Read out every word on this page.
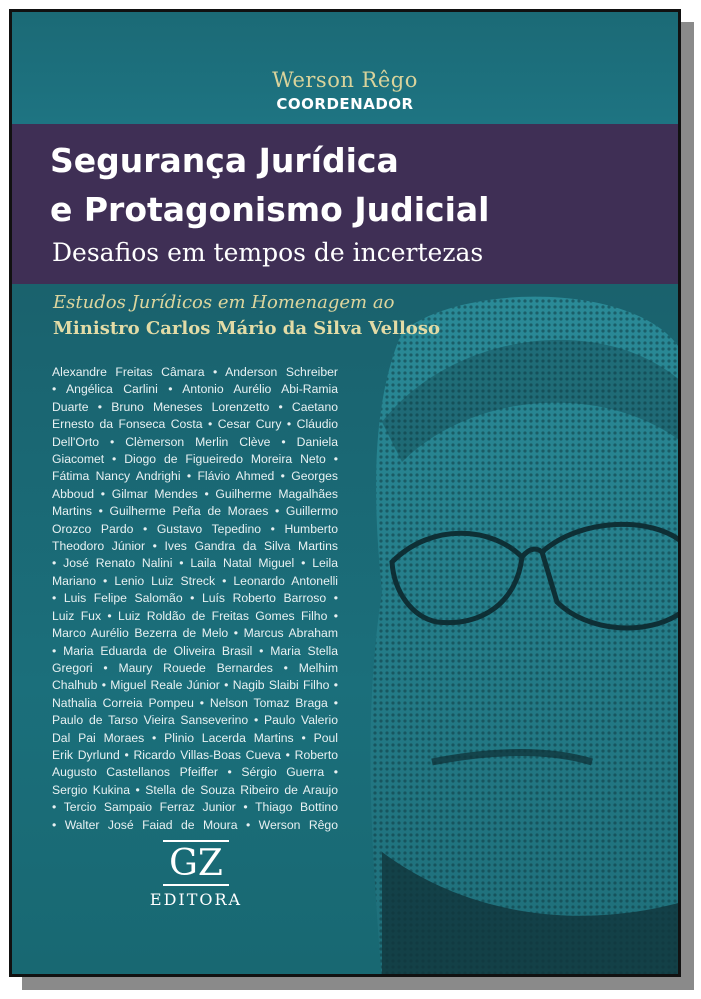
Werson Rêgo

COORDENADOR

Segurança Jurídica
e Protagonismo Judicial

Desafios em tempos de incertezas

Estudos Jurídicos em Homenagem ao

Ministro Carlos Mário da Silva Velloso

Alexandre Freitas Câmara • Anderson Schreiber
• Angélica Carlini • Antonio Aurélio Abi-Ramia
Duarte • Bruno Meneses Lorenzetto • Caetano
Ernesto da Fonseca Costa • Cesar Cury • Cláudio
Dell'Orto • Clèmerson Merlin Clève • Daniela
Giacomet • Diogo de Figueiredo Moreira Neto •
Fátima Nancy Andrighi • Flávio Ahmed • Georges
Abboud • Gilmar Mendes • Guilherme Magalhães
Martins • Guilherme Peña de Moraes • Guillermo
Orozco Pardo • Gustavo Tepedino • Humberto
Theodoro Júnior • Ives Gandra da Silva Martins
• José Renato Nalini • Laila Natal Miguel • Leila
Mariano • Lenio Luiz Streck • Leonardo Antonelli
• Luis Felipe Salomão • Luís Roberto Barroso •
Luiz Fux • Luiz Roldão de Freitas Gomes Filho •
Marco Aurélio Bezerra de Melo • Marcus Abraham
• Maria Eduarda de Oliveira Brasil • Maria Stella
Gregori • Maury Rouede Bernardes • Melhim
Chalhub • Miguel Reale Júnior • Nagib Slaibi Filho •
Nathalia Correia Pompeu • Nelson Tomaz Braga •
Paulo de Tarso Vieira Sanseverino • Paulo Valerio
Dal Pai Moraes • Plinio Lacerda Martins • Poul
Erik Dyrlund • Ricardo Villas-Boas Cueva • Roberto
Augusto Castellanos Pfeiffer • Sérgio Guerra •
Sergio Kukina • Stella de Souza Ribeiro de Araujo
• Tercio Sampaio Ferraz Junior • Thiago Bottino
• Walter José Faiad de Moura • Werson Rêgo
GZ
EDITORA
